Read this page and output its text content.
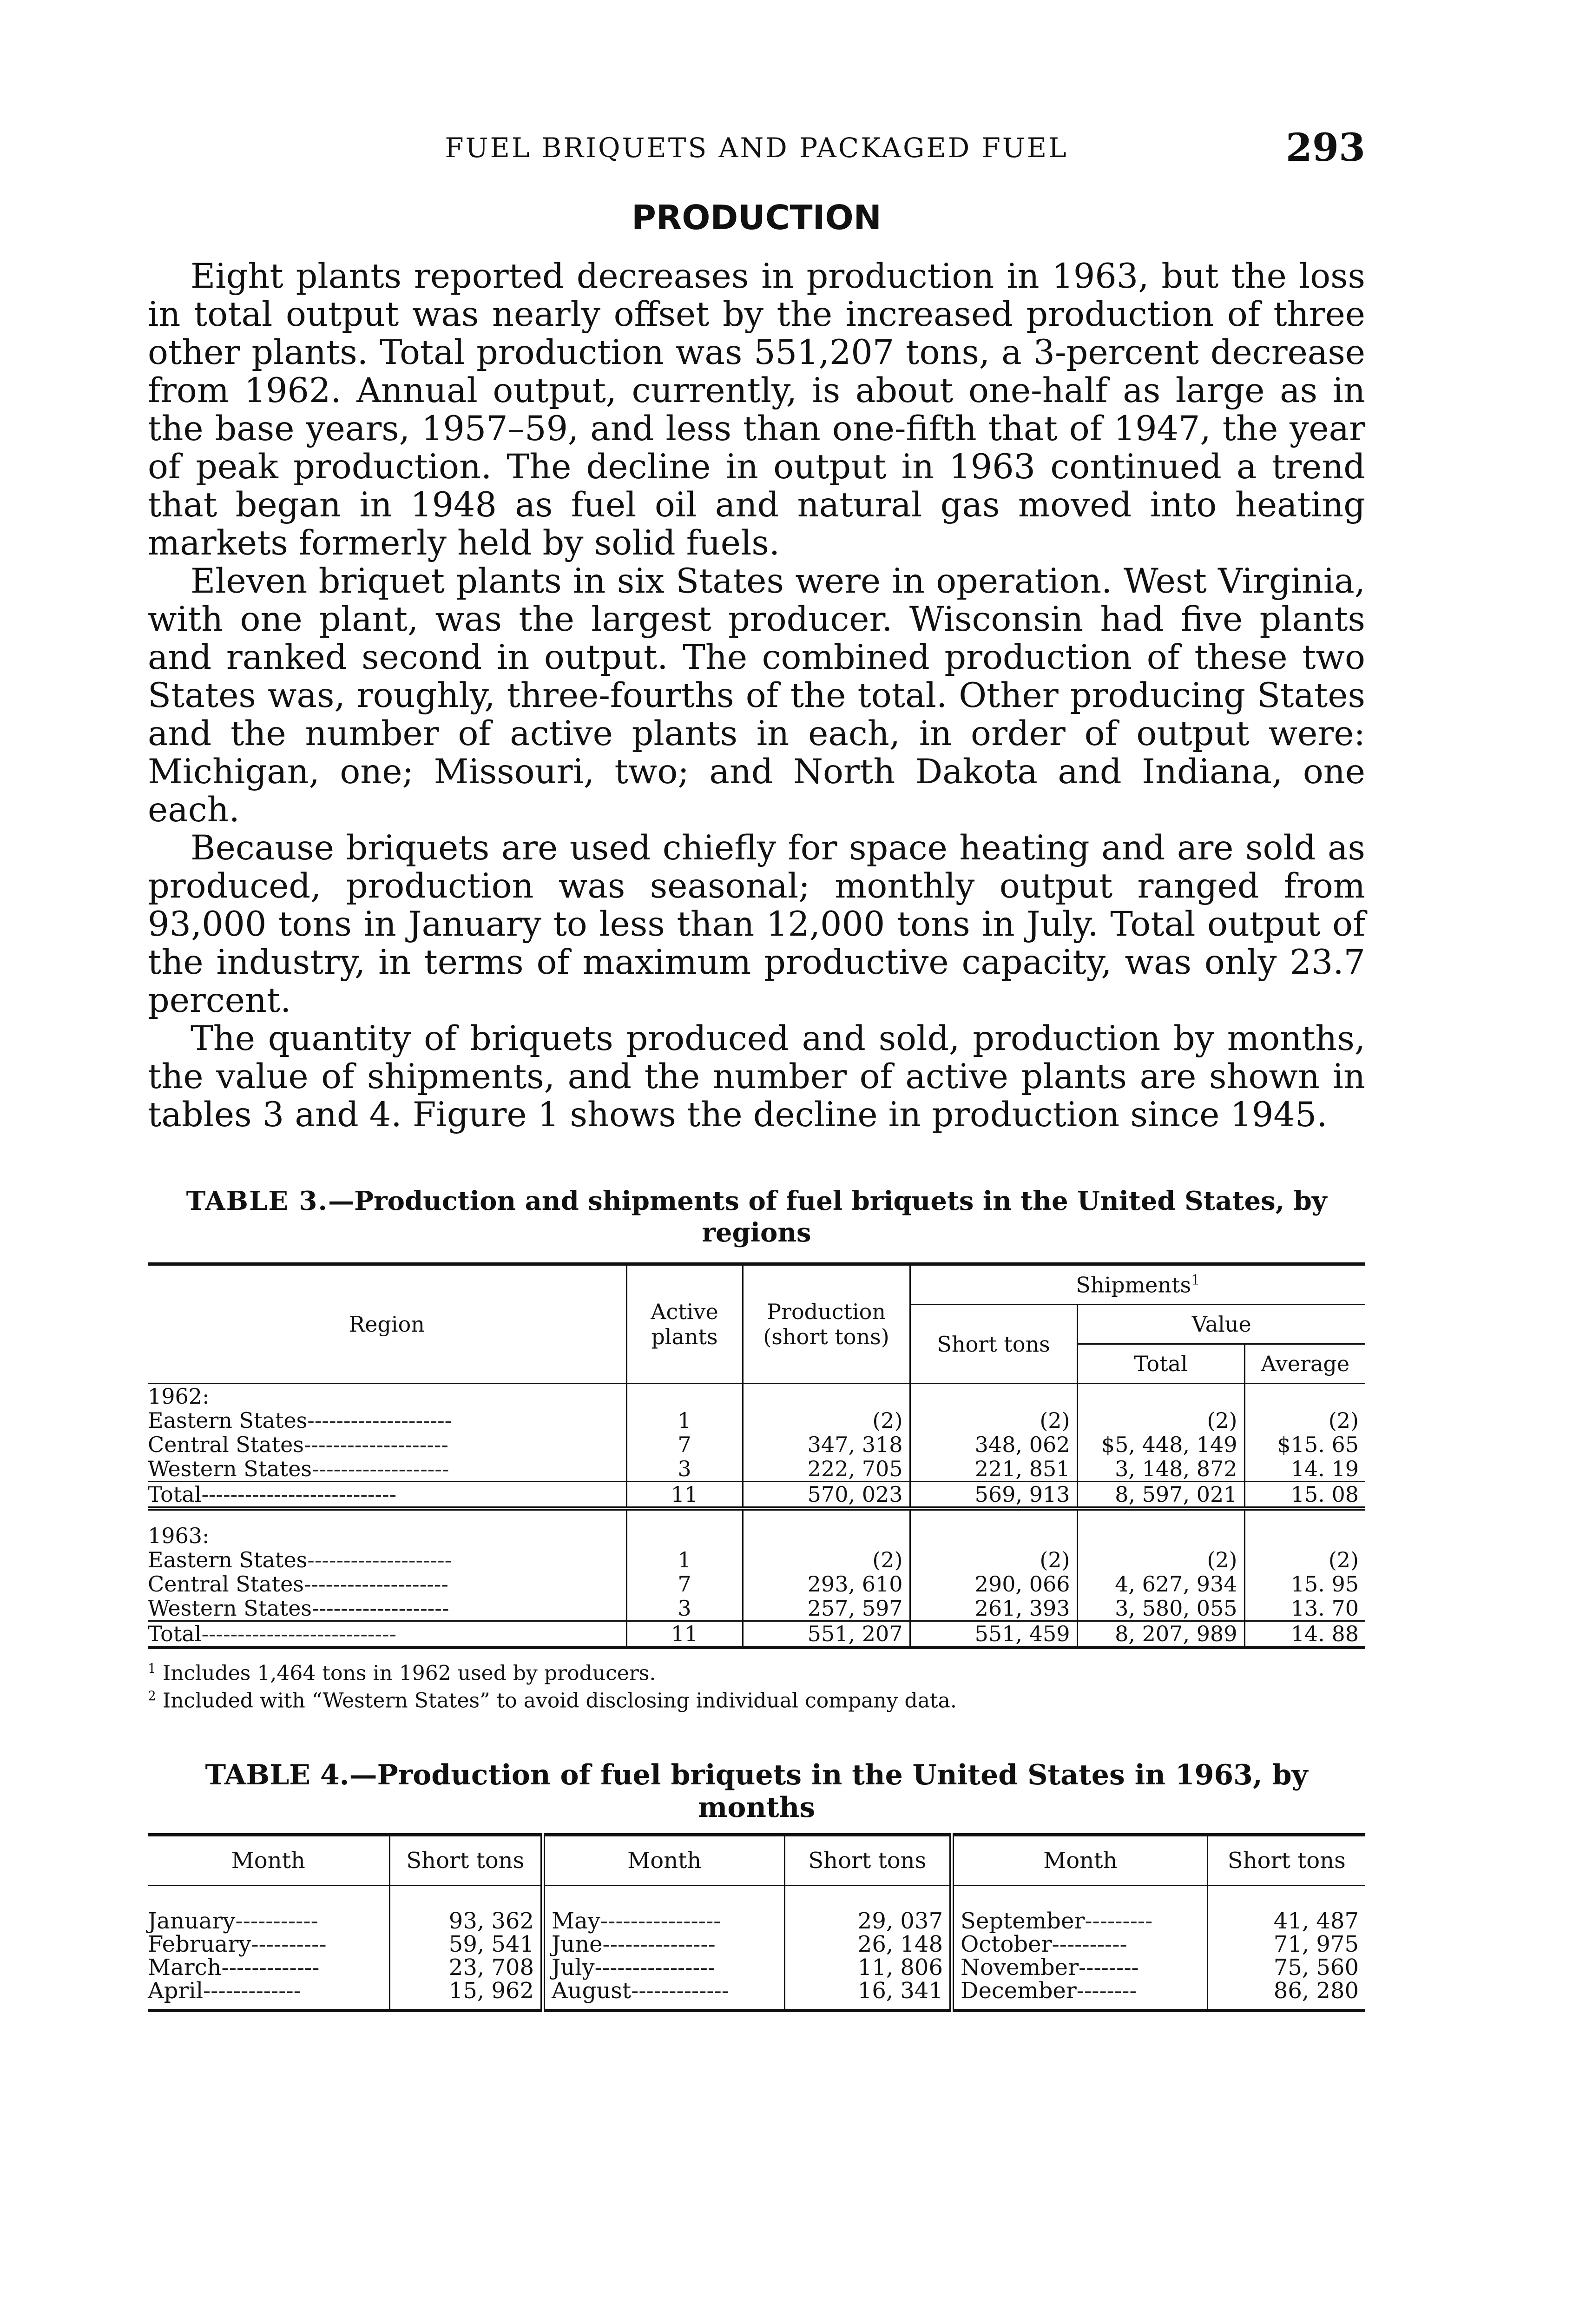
FUEL BRIQUETS AND PACKAGED FUEL	293
PRODUCTION

Eight plants reported decreases in production in 1963, but the loss in total output was nearly offset by the increased production of three other plants. Total production was 551,207 tons, a 3-percent decrease from 1962. Annual output, currently, is about one-half as large as in the base years, 1957–59, and less than one-fifth that of 1947, the year of peak production. The decline in output in 1963 continued a trend that began in 1948 as fuel oil and natural gas moved into heating markets formerly held by solid fuels.

Eleven briquet plants in six States were in operation. West Virginia, with one plant, was the largest producer. Wisconsin had five plants and ranked second in output. The combined production of these two States was, roughly, three-fourths of the total. Other producing States and the number of active plants in each, in order of output were: Michigan, one; Missouri, two; and North Dakota and Indiana, one each.

Because briquets are used chiefly for space heating and are sold as produced, production was seasonal; monthly output ranged from 93,000 tons in January to less than 12,000 tons in July. Total output of the industry, in terms of maximum productive capacity, was only 23.7 percent.

The quantity of briquets produced and sold, production by months, the value of shipments, and the number of active plants are shown in tables 3 and 4. Figure 1 shows the decline in production since 1945.

TABLE 3.—Production and shipments of fuel briquets in the United States, by regions
Region	Active plants	Production (short tons)	Shipments$^1$
			Short tons	Value	
				Total	Average
1962:					
Eastern States--------------------	1	(2)	(2)	(2)	(2)
Central States--------------------	7	347, 318	348, 062	$5, 448, 149	$15. 65
Western States-------------------	3	222, 705	221, 851	3, 148, 872	14. 19
Total---------------------------	11	570, 023	569, 913	8, 597, 021	15. 08

1963:					
Eastern States--------------------	1	(2)	(2)	(2)	(2)
Central States--------------------	7	293, 610	290, 066	4, 627, 934	15. 95
Western States-------------------	3	257, 597	261, 393	3, 580, 055	13. 70
Total---------------------------	11	551, 207	551, 459	8, 207, 989	14. 88
$^1$ Includes 1,464 tons in 1962 used by producers.
$^2$ Included with “Western States” to avoid disclosing individual company data.
TABLE 4.—Production of fuel briquets in the United States in 1963, by months
Month	Short tons	Month	Short tons	Month	Short tons
January-----------	93, 362	May----------------	29, 037	September---------	41, 487
February----------	59, 541	June---------------	26, 148	October----------	71, 975
March-------------	23, 708	July----------------	11, 806	November--------	75, 560
April-------------	15, 962	August-------------	16, 341	December--------	86, 280
